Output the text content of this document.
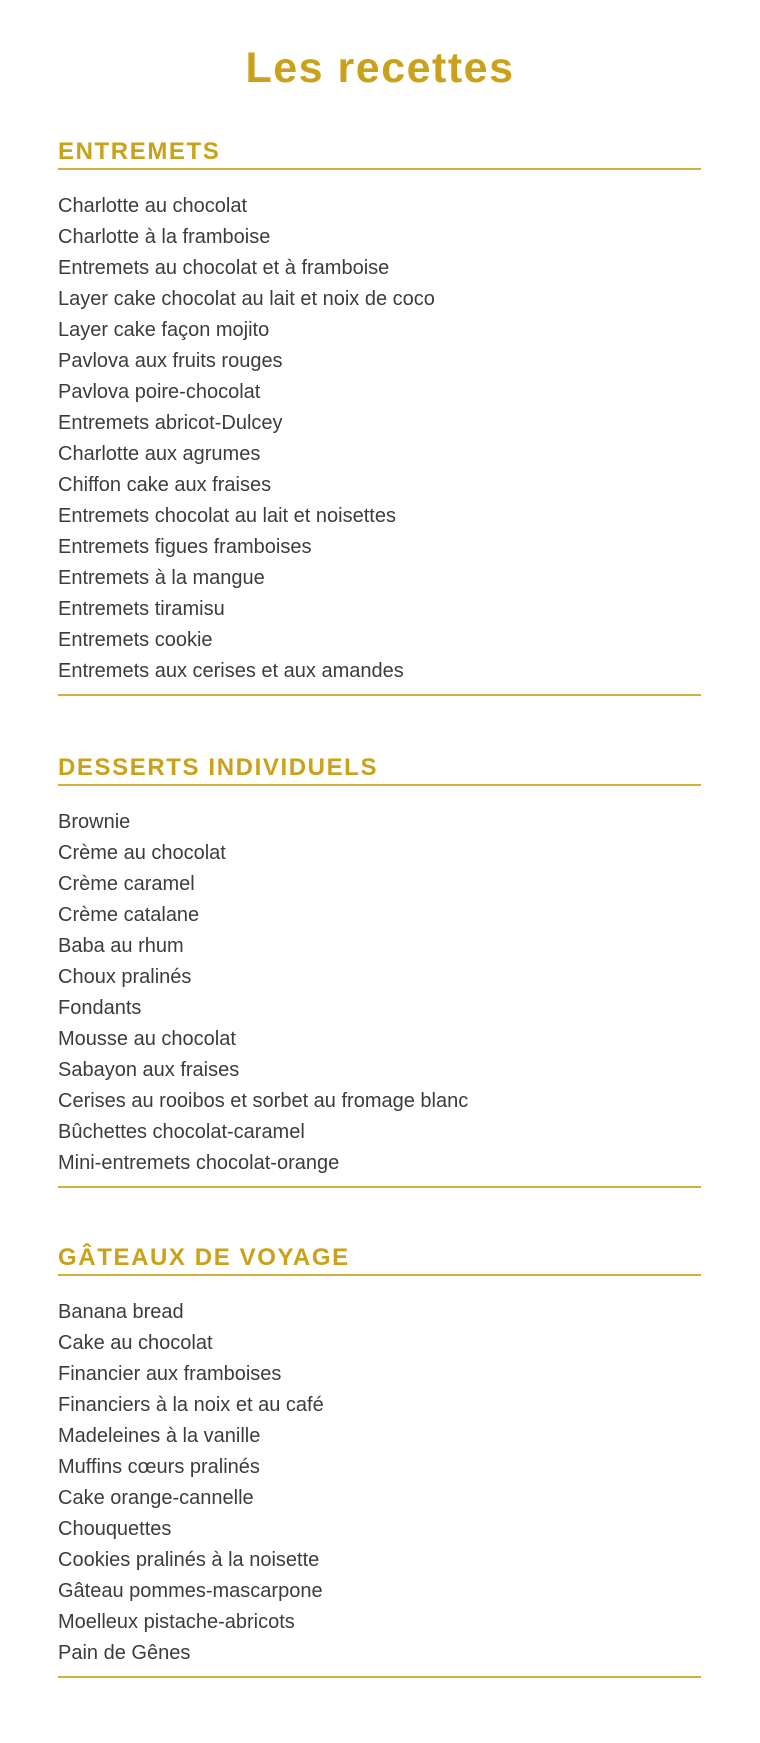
Les recettes
ENTREMETS
Charlotte au chocolat
Charlotte à la framboise
Entremets au chocolat et à framboise
Layer cake chocolat au lait et noix de coco
Layer cake façon mojito
Pavlova aux fruits rouges
Pavlova poire-chocolat
Entremets abricot-Dulcey
Charlotte aux agrumes
Chiffon cake aux fraises
Entremets chocolat au lait et noisettes
Entremets figues framboises
Entremets à la mangue
Entremets tiramisu
Entremets cookie
Entremets aux cerises et aux amandes
DESSERTS INDIVIDUELS
Brownie
Crème au chocolat
Crème caramel
Crème catalane
Baba au rhum
Choux pralinés
Fondants
Mousse au chocolat
Sabayon aux fraises
Cerises au rooibos et sorbet au fromage blanc
Bûchettes chocolat-caramel
Mini-entremets chocolat-orange
GÂTEAUX DE VOYAGE
Banana bread
Cake au chocolat
Financier aux framboises
Financiers à la noix et au café
Madeleines à la vanille
Muffins cœurs pralinés
Cake orange-cannelle
Chouquettes
Cookies pralinés à la noisette
Gâteau pommes-mascarpone
Moelleux pistache-abricots
Pain de Gênes
